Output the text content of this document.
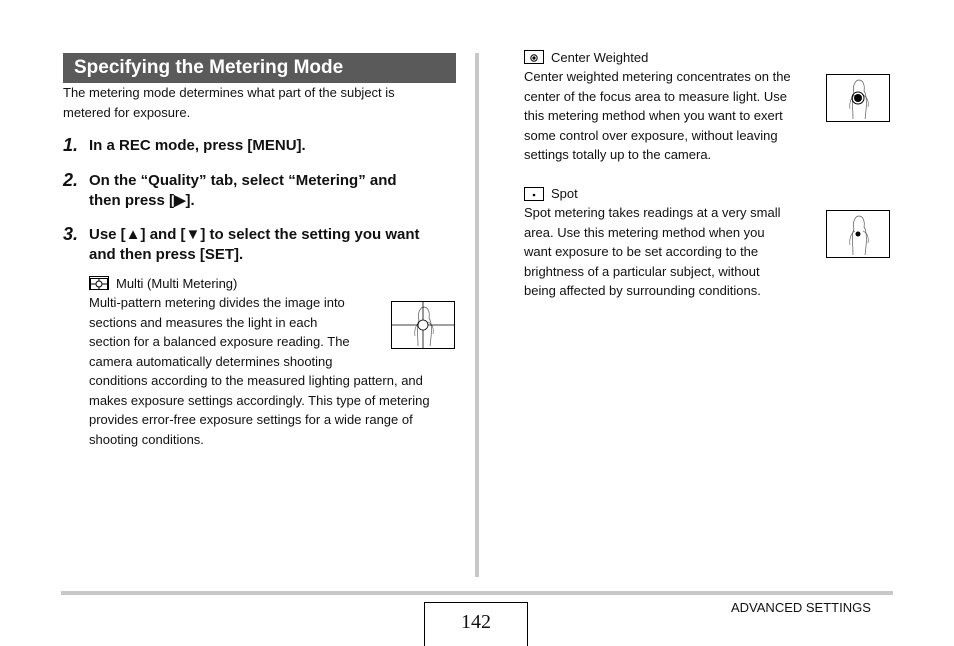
Specifying the Metering Mode
The metering mode determines what part of the subject is
metered for exposure.
1. In a REC mode, press [MENU].
2. On the “Quality” tab, select “Metering” and
then press [▶].
3. Use [▲] and [▼] to select the setting you want
and then press [SET].
Multi (Multi Metering)
Multi-pattern metering divides the image into
sections and measures the light in each
section for a balanced exposure reading. The
camera automatically determines shooting
conditions according to the measured lighting pattern, and
makes exposure settings accordingly. This type of metering
provides error-free exposure settings for a wide range of
shooting conditions.
Center Weighted
Center weighted metering concentrates on the
center of the focus area to measure light. Use
this metering method when you want to exert
some control over exposure, without leaving
settings totally up to the camera.
Spot
Spot metering takes readings at a very small
area. Use this metering method when you
want exposure to be set according to the
brightness of a particular subject, without
being affected by surrounding conditions.
142
ADVANCED SETTINGS
